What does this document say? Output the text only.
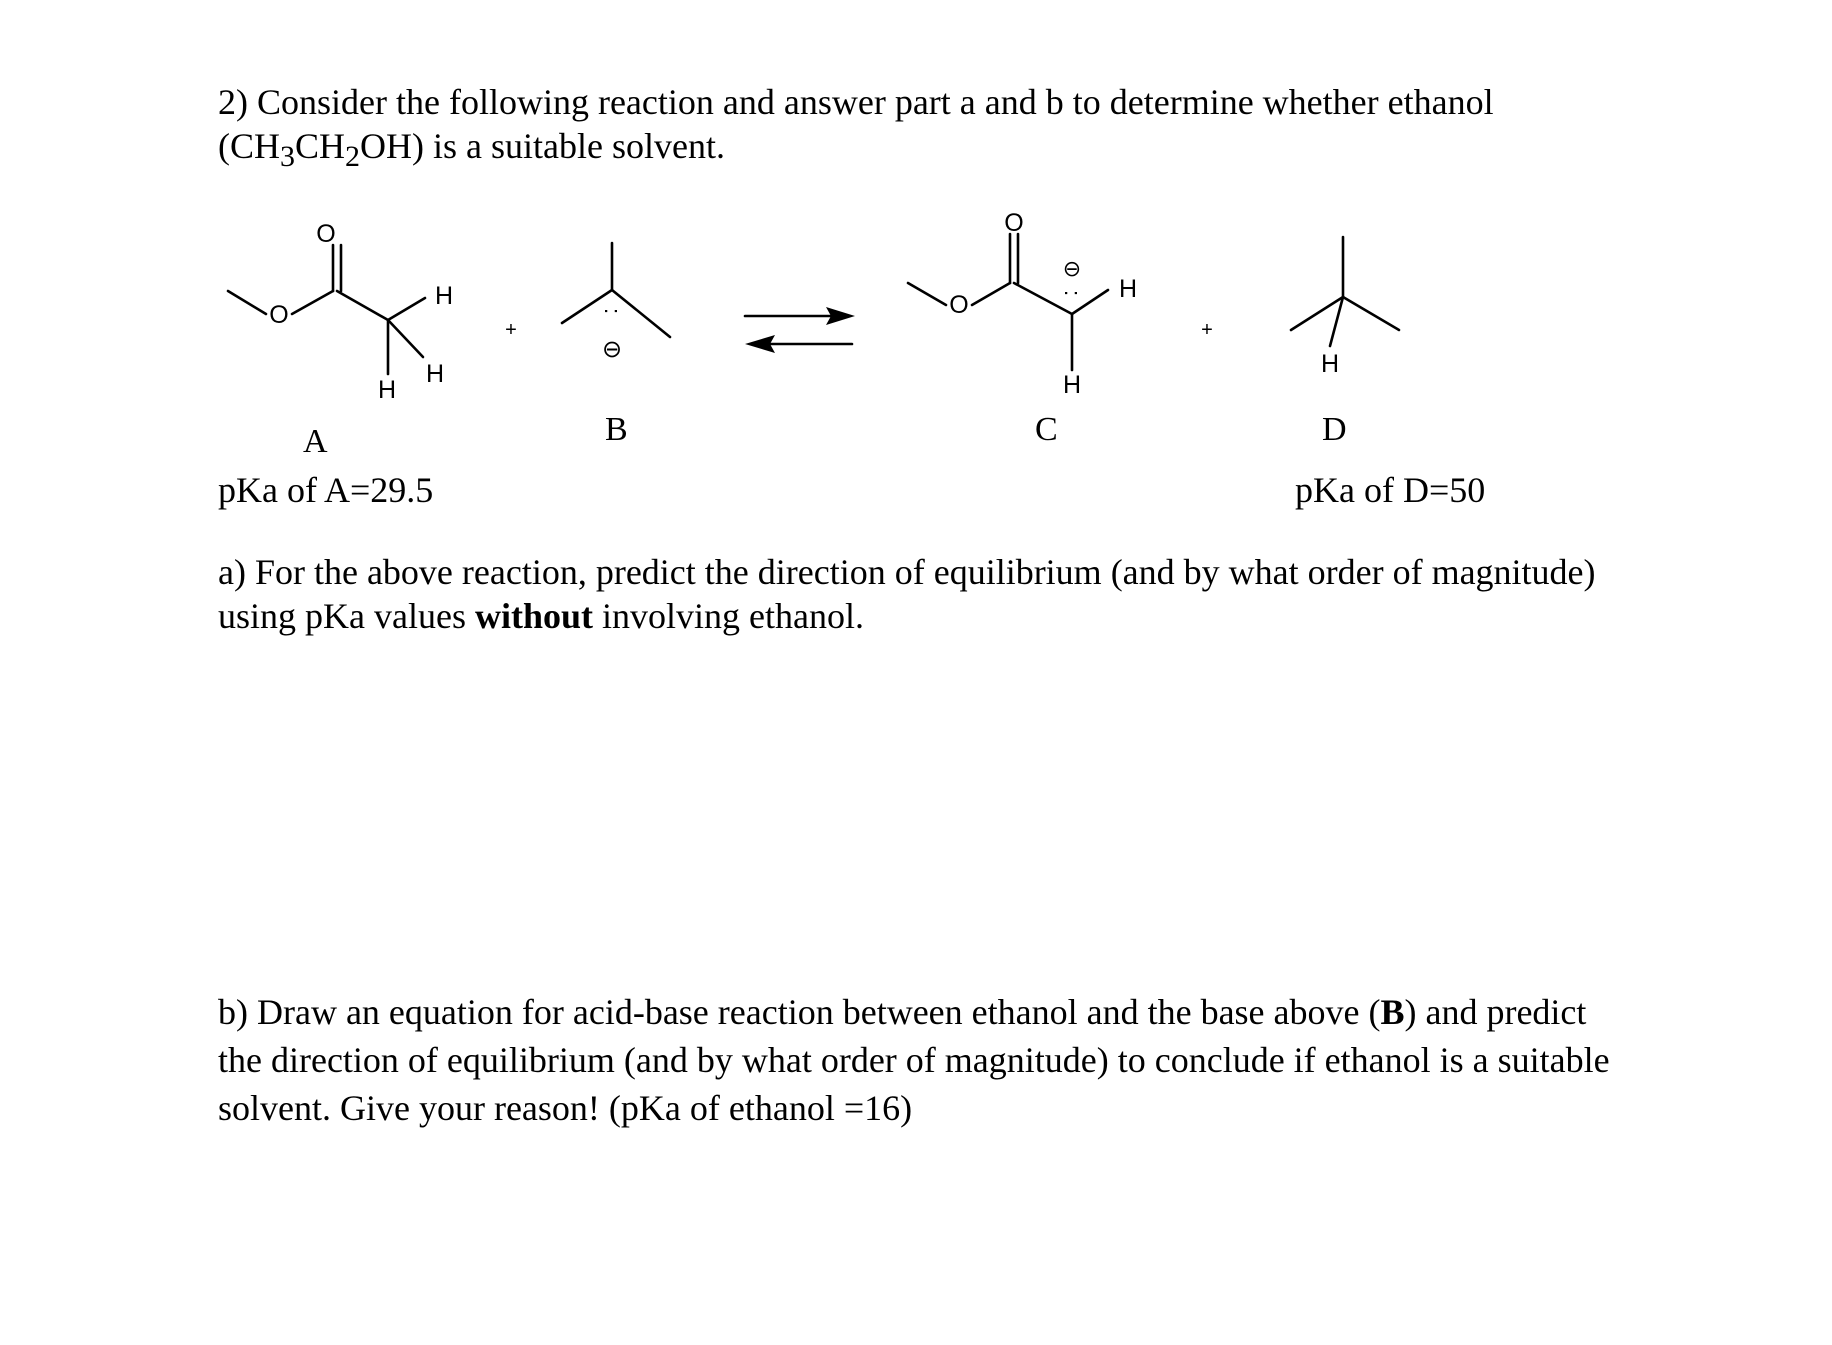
2) Consider the following reaction and answer part a and b to determine whether ethanol
$(CH_3CH_2OH)$ is a suitable solvent.

O
O
H
H
H
+
:
⊖
O
O
⊖
: H
H
+
H
A	B	C	D
pKa of A=29.5	pKa of D=50

a) For the above reaction, predict the direction of equilibrium (and by what order of magnitude) using pKa values without involving ethanol.

b) Draw an equation for acid-base reaction between ethanol and the base above (B) and predict the direction of equilibrium (and by what order of magnitude) to conclude if ethanol is a suitable solvent. Give your reason! (pKa of ethanol =16)
